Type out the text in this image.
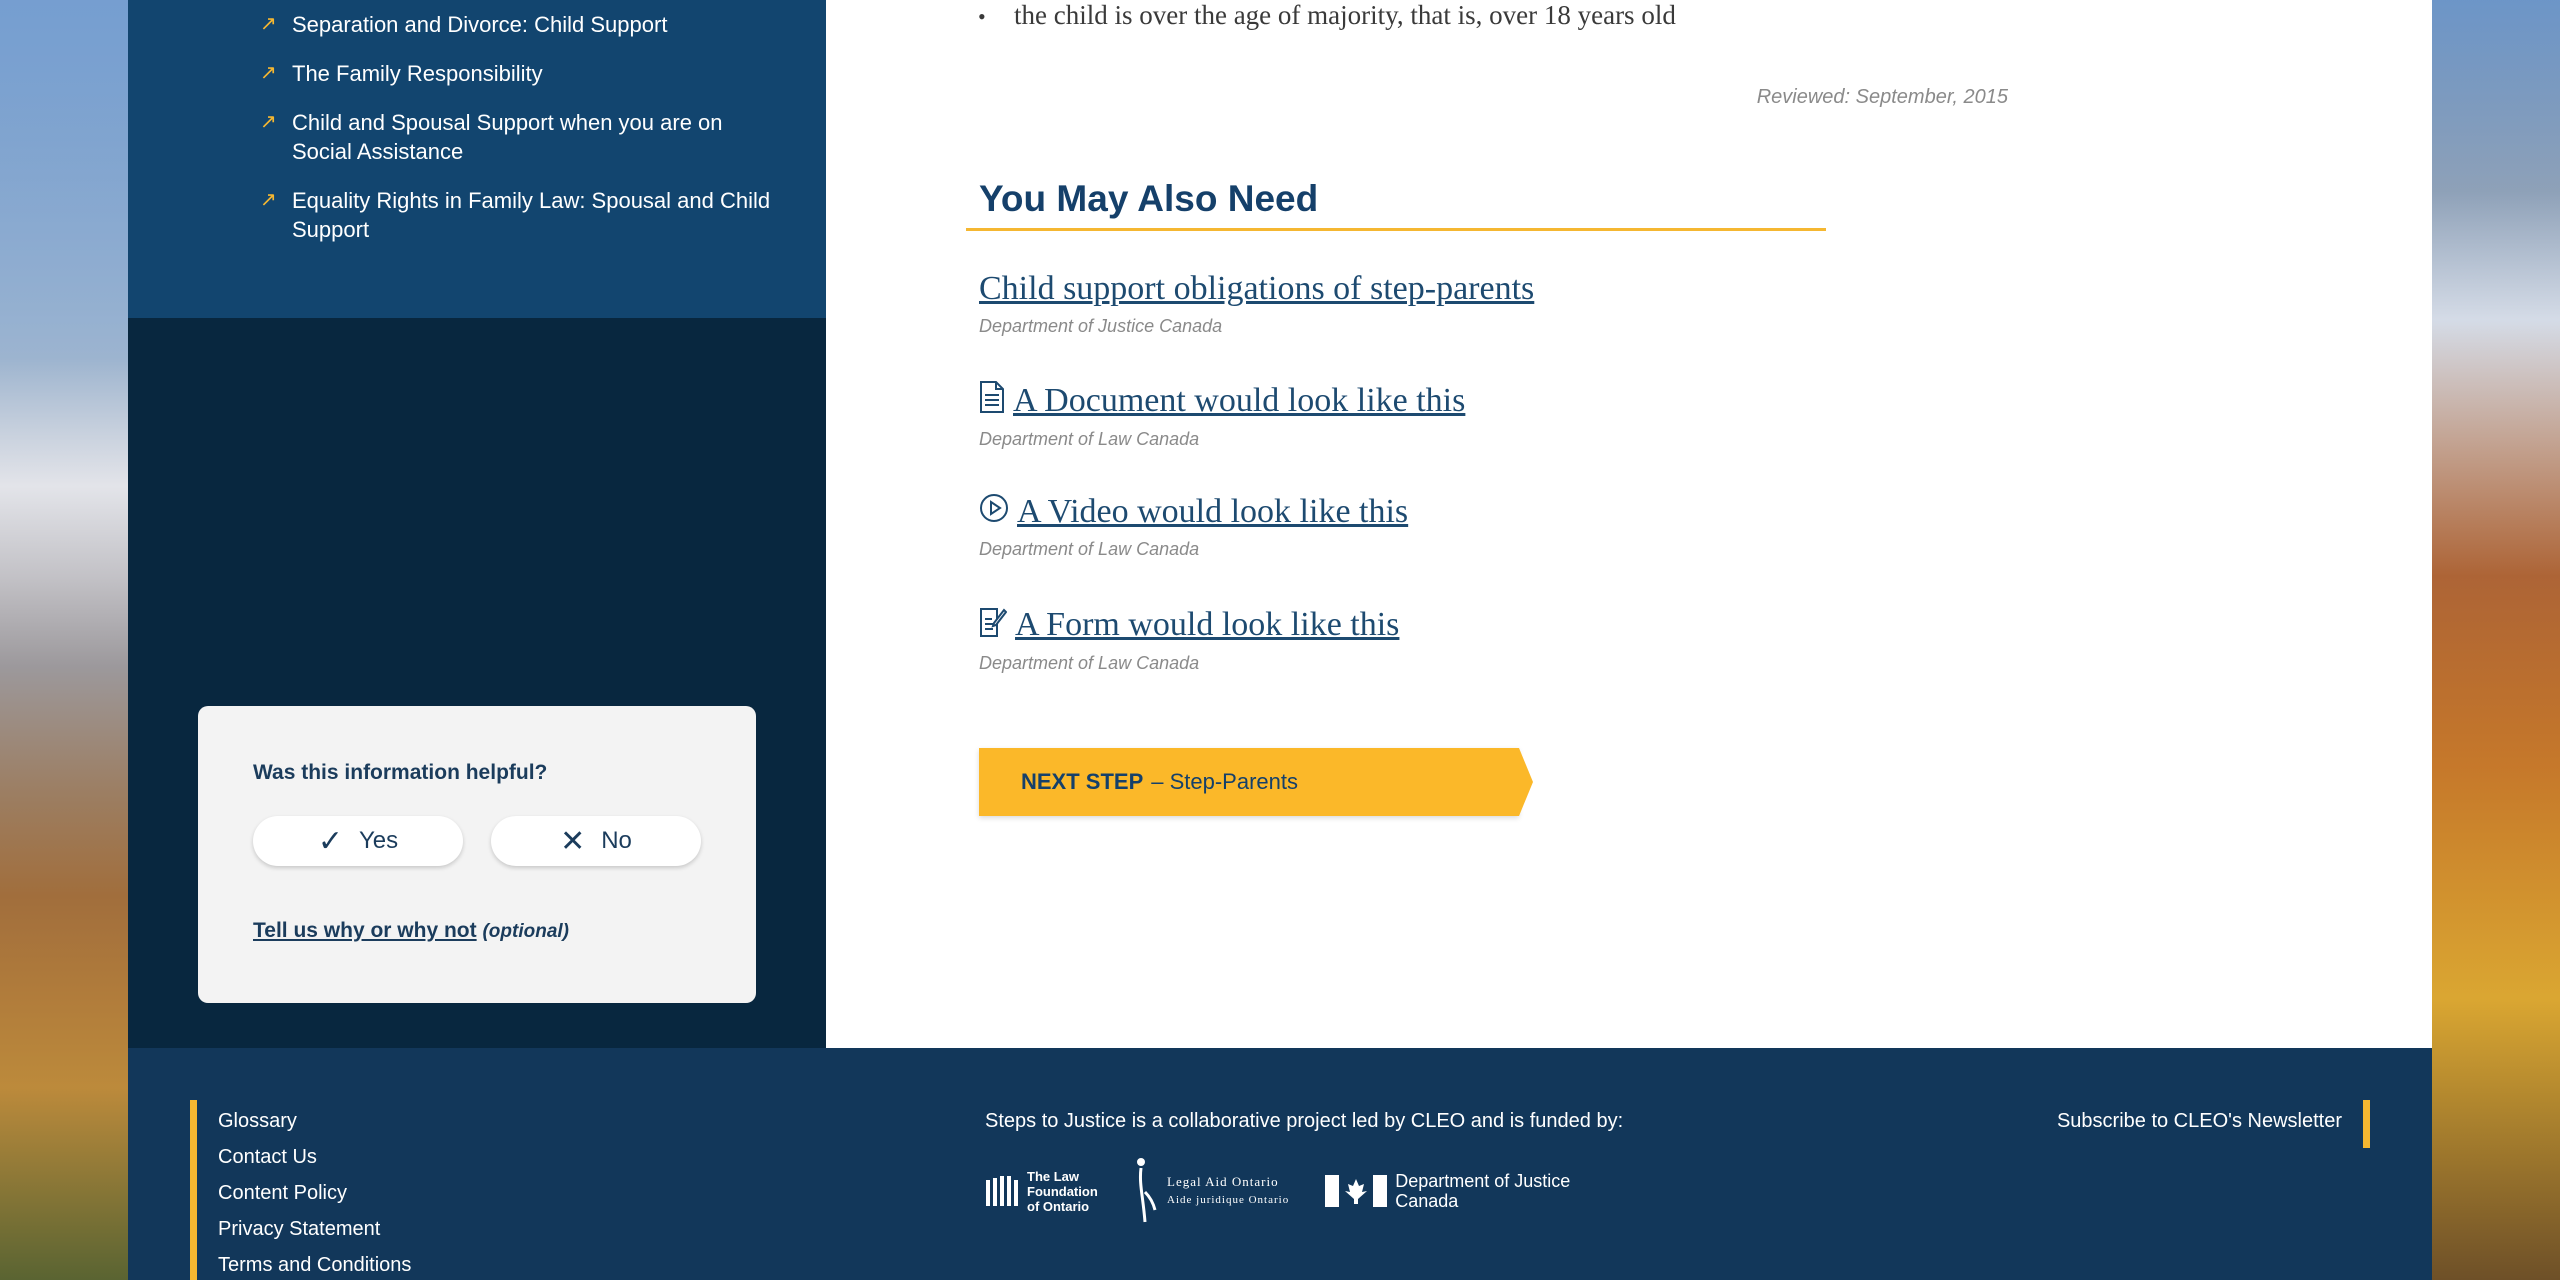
↗ Separation and Divorce: Child Support
↗ The Family Responsibility
↗ Child and Spousal Support when you are on Social Assistance
↗ Equality Rights in Family Law: Spousal and Child Support
Was this information helpful?
✓ Yes	✕ No
Tell us why or why not (optional)
• the child is over the age of majority, that is, over 18 years old
Reviewed: September, 2015
You May Also Need
Child support obligations of step-parents
Department of Justice Canada
A Document would look like this
Department of Law Canada
A Video would look like this
Department of Law Canada
A Form would look like this
Department of Law Canada
NEXT STEP – Step-Parents
Glossary
Contact Us
Content Policy
Privacy Statement
Terms and Conditions
Steps to Justice is a collaborative project led by CLEO and is funded by:
The Law Foundation of Ontario
Legal Aid Ontario
Aide juridique Ontario
Department of Justice Canada
Subscribe to CLEO's Newsletter
